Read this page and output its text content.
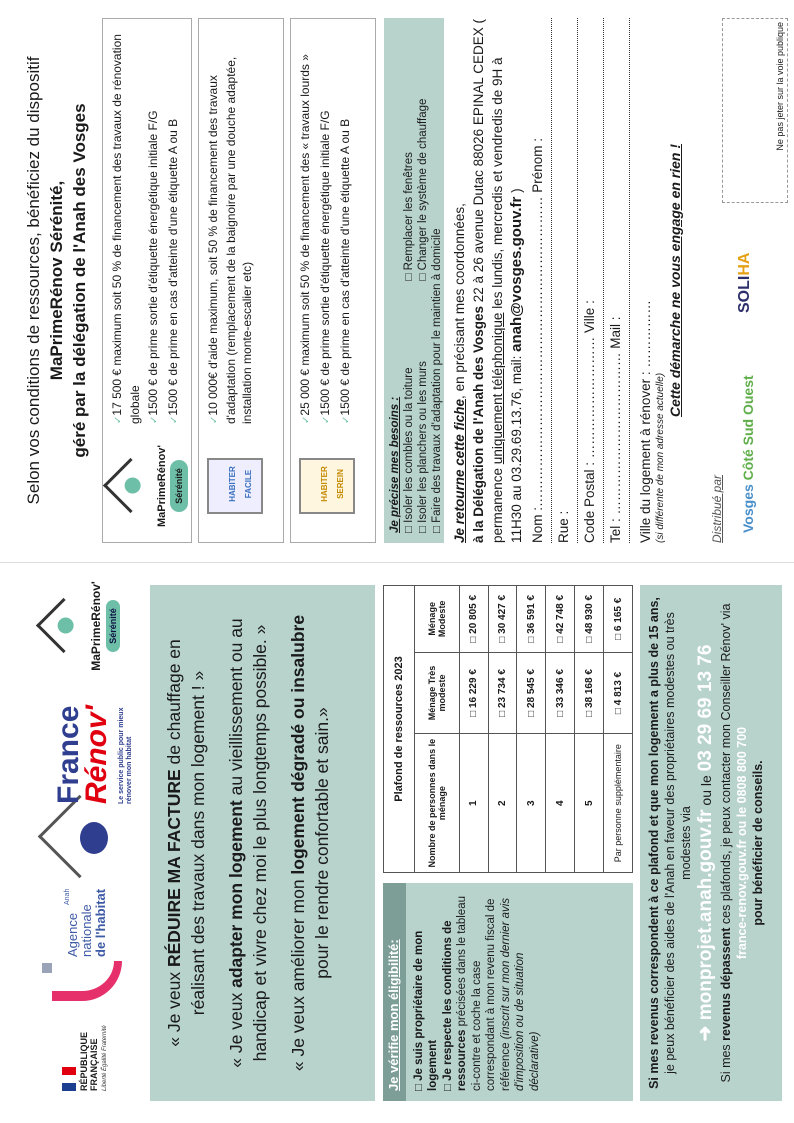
RÉPUBLIQUE FRANÇAISE Liberté Égalité Fraternité
Agence
nationale de l'habitat
Anah
France
Rénov' Le service public pour mieux rénover mon habitat
MaPrimeRénov' Sérénité

« Je veux RÉDUIRE MA FACTURE de chauffage en réalisant des travaux dans mon logement ! »

« Je veux adapter mon logement au vieillissement ou au handicap et vivre chez moi le plus longtemps possible. » « Je veux améliorer mon logement dégradé ou insalubre pour le rendre confortable et sain.»

Je vérifie mon éligibilité:	□ Je suis propriétaire de mon logement □ Je respecte les conditions de ressources précisées dans le tableau ci-contre et coche la case correspondant à mon revenu fiscal de référence (inscrit sur mon dernier avis d'imposition ou de situation déclarative)
Plafond de ressources 2023		
Nombre de personnes dans le ménage	Ménage Très modeste	Ménage Modeste
1	□ 16 229 €	□ 20 805 €
2	□ 23 734 €	□ 30 427 €
3	□ 28 545 €	□ 36 591 €
4	□ 33 346 €	□ 42 748 €
5	□ 38 168 €	□ 48 930 €
Par personne supplémentaire	□ 4 813 €	□ 6 165 € Si mes revenus correspondent à ce plafond et que mon logement a plus de 15 ans, je peux bénéficier des aides de l'Anah en faveur des propriétaires modestes ou très modestes via ➜ monprojet.anah.gouv.fr ou le 03 29 69 13 76
Si mes revenus dépassent ces plafonds, je peux contacter mon Conseiller Rénov' via france-renov.gouv.fr ou le 0808 800 700 pour bénéficier de conseils.
Selon vos conditions de ressources, bénéficiez du dispositif MaPrimeRénov Sérénité, géré par la délégation de l'Anah des Vosges
MaPrimeRénov' Sérénité
✓ 17 500 € maximum soit 50 % de financement des travaux de rénovation globale ✓ 1500 € de prime sortie d'étiquette énergétique initiale F/G ✓ 1500 € de prime en cas d'atteinte d'une étiquette A ou B
HABITER FACILE
✓ 10 000€ d'aide maximum, soit 50 % de financement des travaux d'adaptation (remplacement de la baignoire par une douche adaptée, installation monte-escalier etc)
HABITER SEREIN
✓ 25 000 € maximum soit 50 % de financement des « travaux lourds » ✓ 1500 € de prime sortie d'étiquette énergétique initiale F/G ✓ 1500 € de prime en cas d'atteinte d'une étiquette A ou B
Je précise mes besoins : □ Isoler les combles ou la toiture
□ Remplacer les fenêtres
□ Isoler les planchers ou les murs
□ Changer le système de chauffage
□ Faire des travaux d'adaptation pour le maintien à domicile Je retourne cette fiche, en précisant mes coordonnées,

à la Délégation de l'Anah des Vosges 22 à 26 avenue Dutac 88026 EPINAL CEDEX ( permanence uniquement téléphonique les lundis, mercredis et vendredis de 9H à 11H30 au 03.29.69.13.76, mail: anah@vosges.gouv.fr ) Nom :…………………………………………………………… Prénom : Rue : Code Postal : ……………………… Ville : Tel : ……………………………… Mail :	Ville du logement à rénover : …………… (si différente de mon adresse actuelle)
Cette démarche ne vous engage en rien !
Distribué par Vosges Côté Sud Ouest
SOLIHA
Ne pas jeter sur la voie publique
